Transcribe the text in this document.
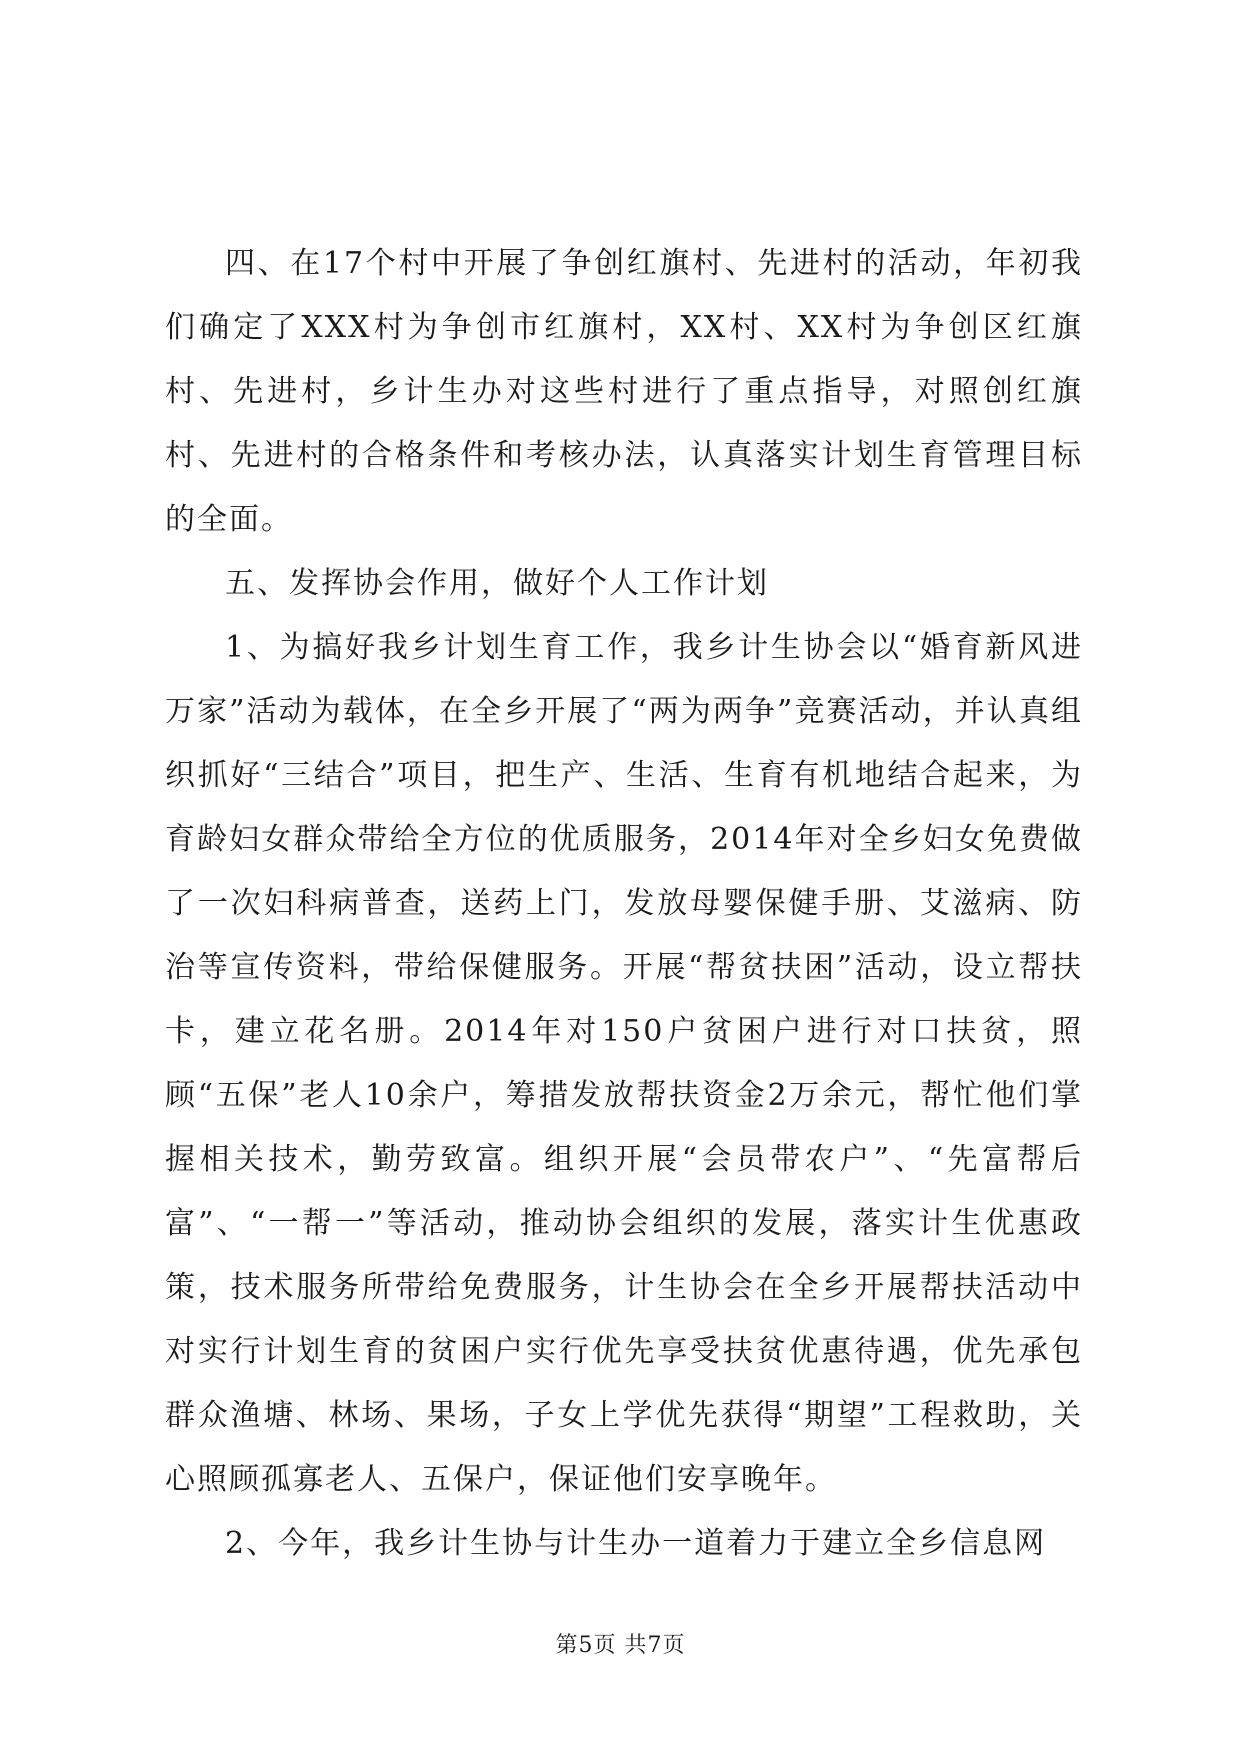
四、在17个村中开展了争创红旗村、先进村的活动，年初我们确定了XXX村为争创市红旗村，XX村、XX村为争创区红旗村、先进村，乡计生办对这些村进行了重点指导，对照创红旗村、先进村的合格条件和考核办法，认真落实计划生育管理目标的全面。

五、发挥协会作用，做好个人工作计划

1、为搞好我乡计划生育工作，我乡计生协会以“婚育新风进万家”活动为载体，在全乡开展了“两为两争”竞赛活动，并认真组织抓好“三结合”项目，把生产、生活、生育有机地结合起来，为育龄妇女群众带给全方位的优质服务，2014年对全乡妇女免费做了一次妇科病普查，送药上门，发放母婴保健手册、艾滋病、防治等宣传资料，带给保健服务。开展“帮贫扶困”活动，设立帮扶卡，建立花名册。2014年对150户贫困户进行对口扶贫，照顾“五保”老人10余户，筹措发放帮扶资金2万余元，帮忙他们掌握相关技术，勤劳致富。组织开展“会员带农户”、“先富帮后富”、“一帮一”等活动，推动协会组织的发展，落实计生优惠政策，技术服务所带给免费服务，计生协会在全乡开展帮扶活动中对实行计划生育的贫困户实行优先享受扶贫优惠待遇，优先承包群众渔塘、林场、果场，子女上学优先获得“期望”工程救助，关心照顾孤寡老人、五保户，保证他们安享晚年。

2、今年，我乡计生协与计生办一道着力于建立全乡信息网

第5页 共7页
